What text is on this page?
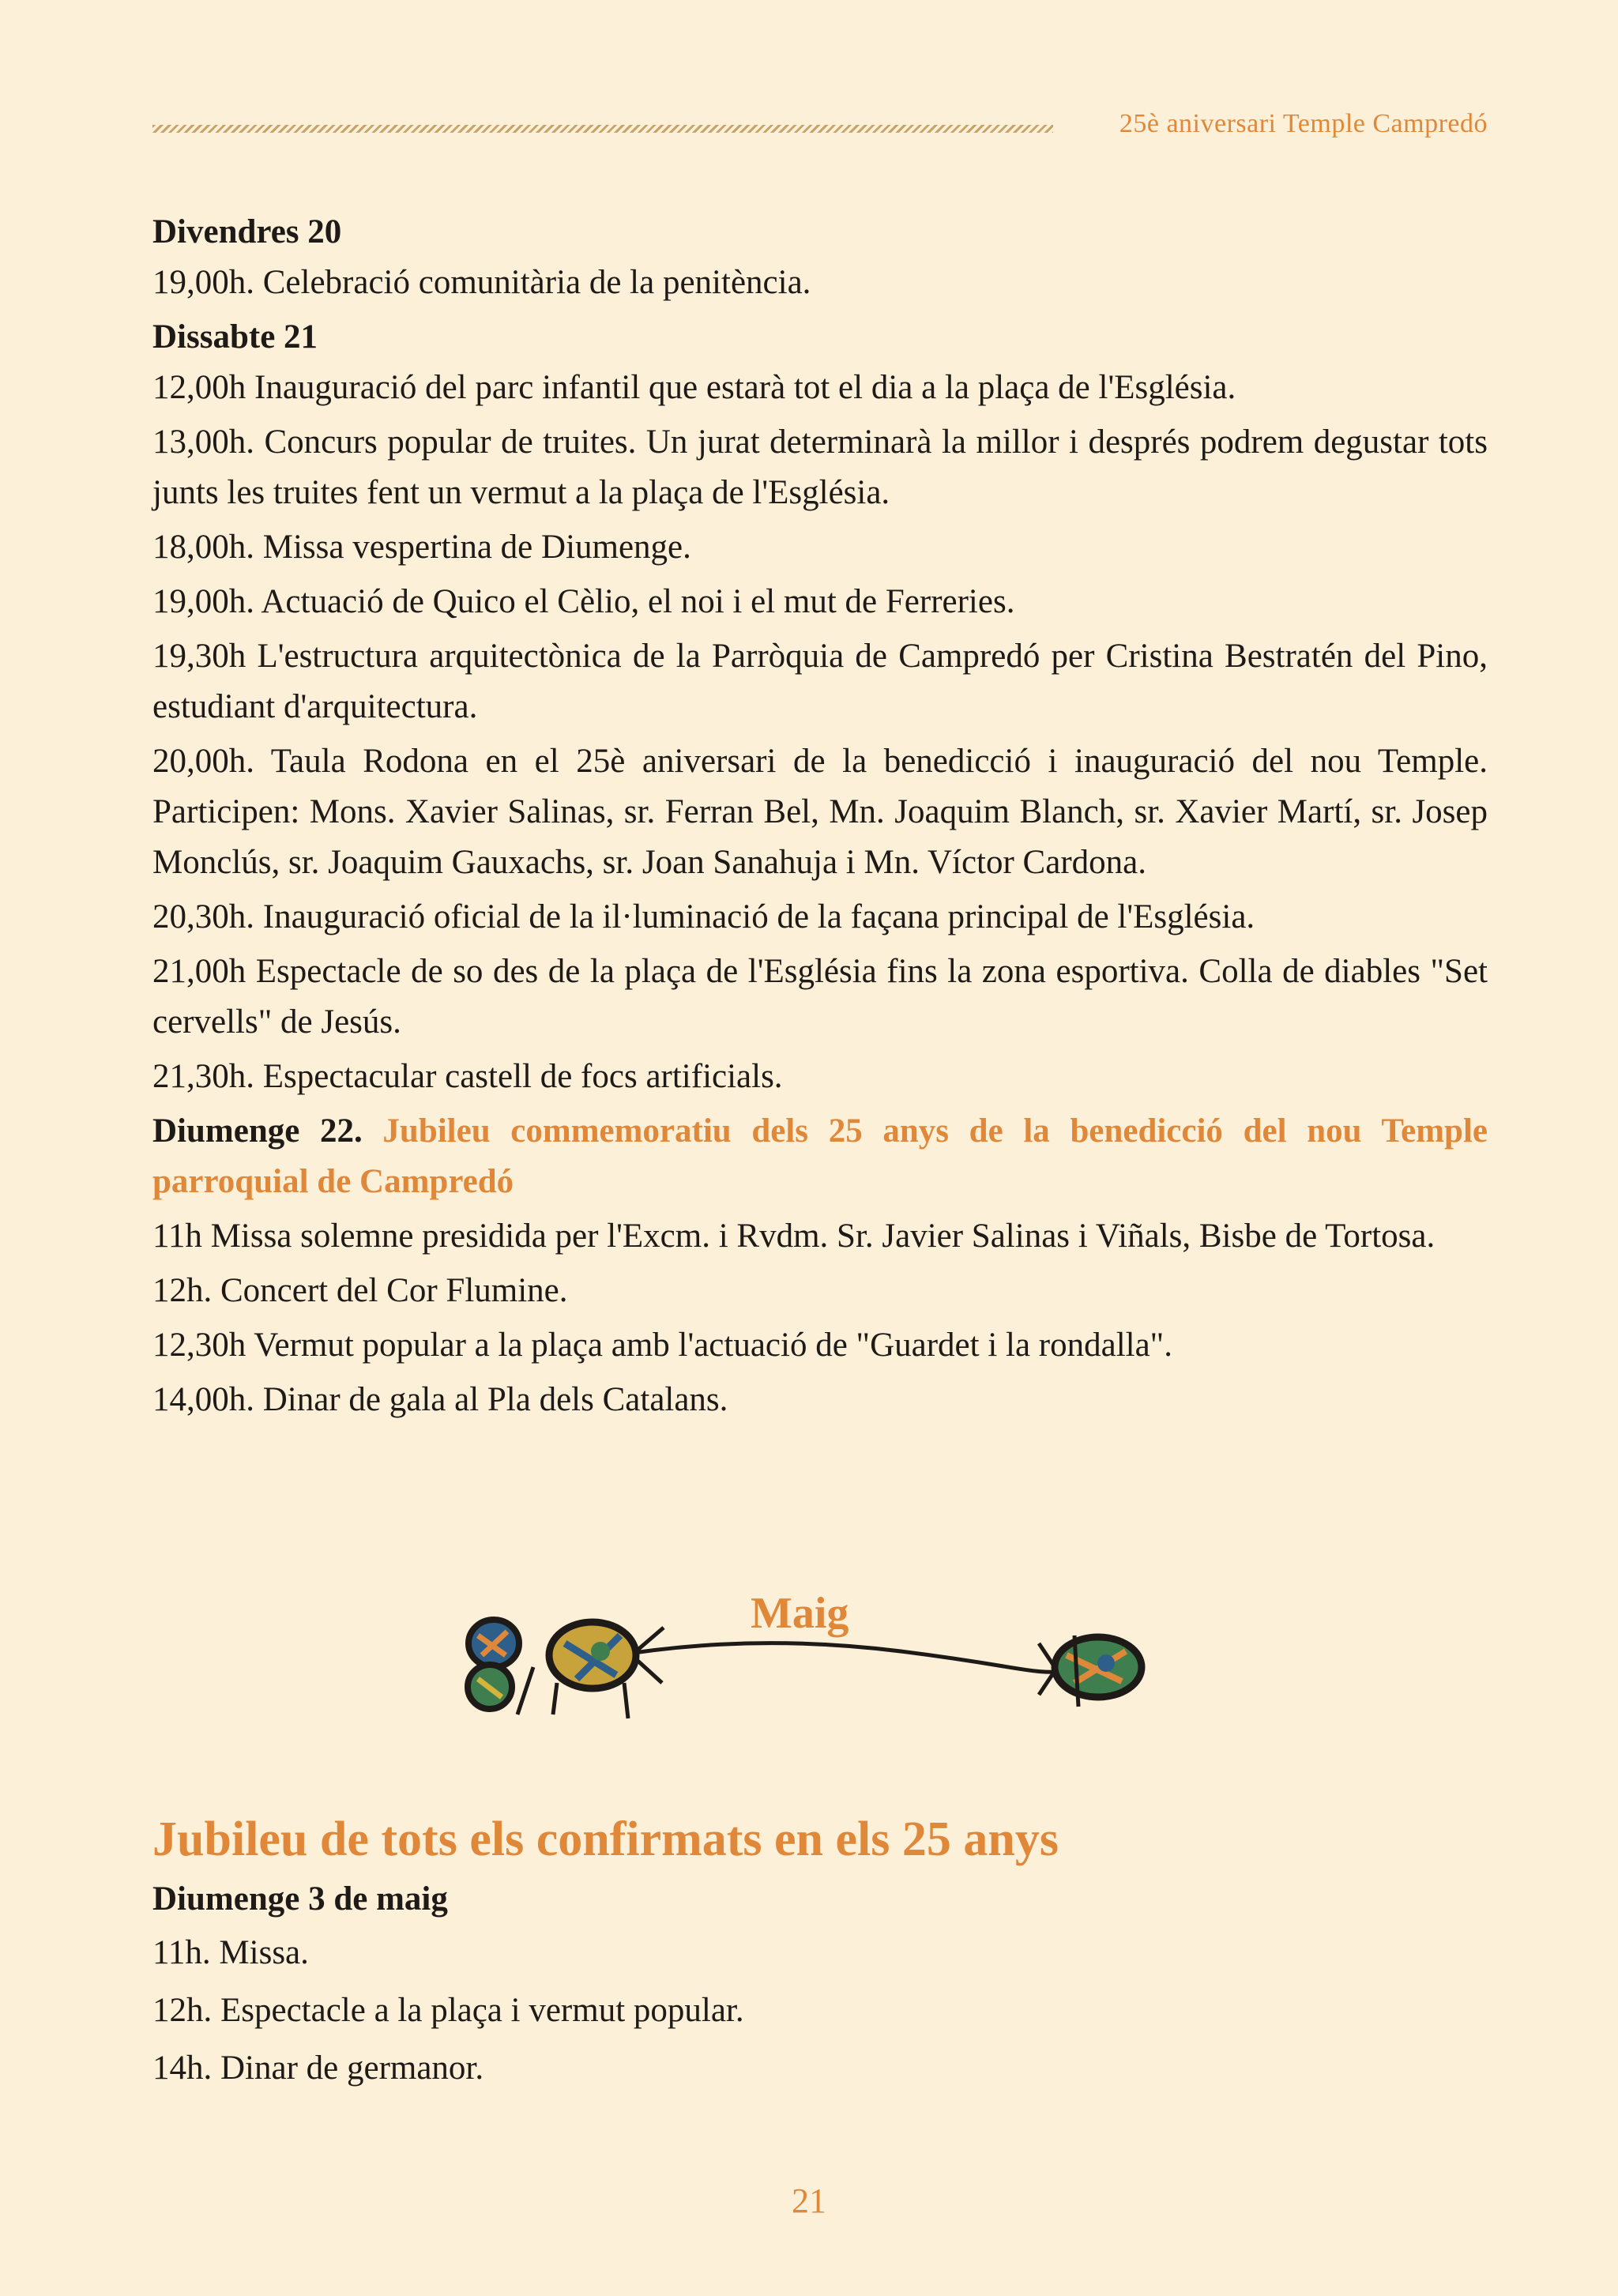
25è aniversari Temple Campredó
Divendres 20

19,00h. Celebració comunitària de la penitència.

Dissabte 21

12,00h Inauguració del parc infantil que estarà tot el dia a la plaça de l'Església.

13,00h. Concurs popular de truites. Un jurat determinarà la millor i després podrem degustar tots junts les truites fent un vermut a la plaça de l'Església.

18,00h. Missa vespertina de Diumenge.

19,00h. Actuació de Quico el Cèlio, el noi i el mut de Ferreries.

19,30h L'estructura arquitectònica de la Parròquia de Campredó per Cristina Bestratén del Pino, estudiant d'arquitectura.

20,00h. Taula Rodona en el 25è aniversari de la benedicció i inauguració del nou Temple. Participen: Mons. Xavier Salinas, sr. Ferran Bel, Mn. Joaquim Blanch, sr. Xavier Martí, sr. Josep Monclús, sr. Joaquim Gauxachs, sr. Joan Sanahuja i Mn. Víctor Cardona.

20,30h. Inauguració oficial de la il·luminació de la façana principal de l'Església.

21,00h Espectacle de so des de la plaça de l'Església fins la zona esportiva. Colla de diables "Set cervells" de Jesús.

21,30h. Espectacular castell de focs artificials.

Diumenge 22. Jubileu commemoratiu dels 25 anys de la benedicció del nou Temple parroquial de Campredó

11h Missa solemne presidida per l'Excm. i Rvdm. Sr. Javier Salinas i Viñals, Bisbe de Tortosa.

12h. Concert del Cor Flumine.

12,30h Vermut popular a la plaça amb l'actuació de "Guardet i la rondalla".

14,00h. Dinar de gala al Pla dels Catalans.

Maig
Jubileu de tots els confirmats en els 25 anys
Diumenge 3 de maig

11h. Missa.

12h. Espectacle a la plaça i vermut popular.

14h. Dinar de germanor.

21
